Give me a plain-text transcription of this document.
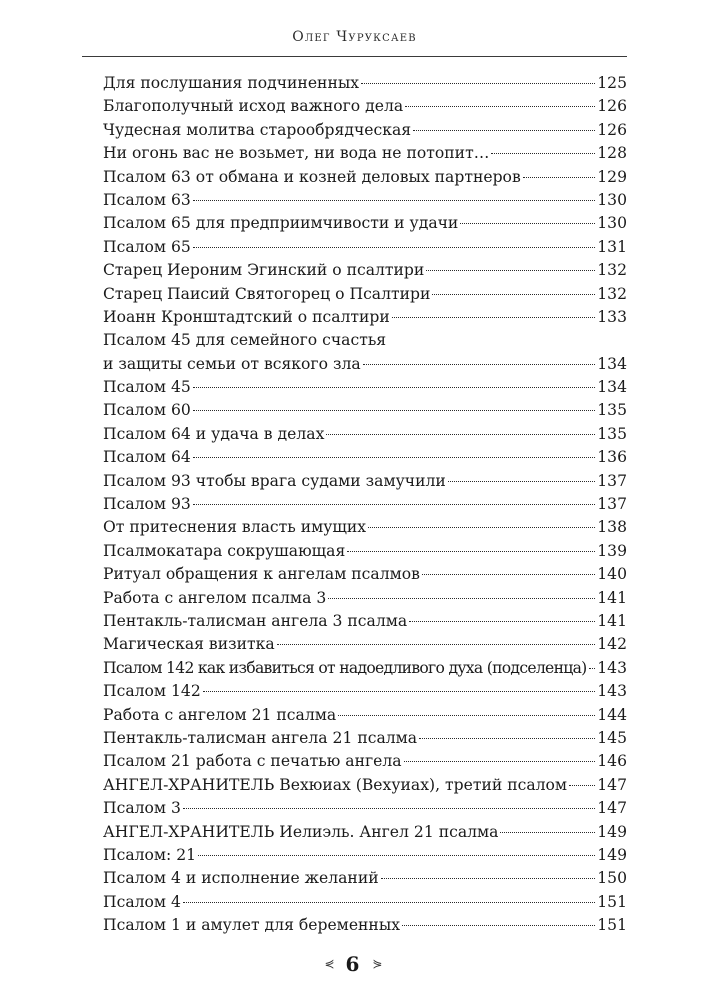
Олег Чуруксаев
Для послушания подчиненных	125
Благополучный исход важного дела	126
Чудесная молитва старообрядческая	126
Ни огонь вас не возьмет, ни вода не потопит…	128
Псалом 63 от обмана и козней деловых партнеров	129
Псалом 63	130
Псалом 65 для предприимчивости и удачи	130
Псалом 65	131
Старец Иероним Эгинский о псалтири	132
Старец Паисий Святогорец о Псалтири	132
Иоанн Кронштадтский о псалтири	133
Псалом 45 для семейного счастья
и защиты семьи от всякого зла	134
Псалом 45	134
Псалом 60	135
Псалом 64 и удача в делах	135
Псалом 64	136
Псалом 93 чтобы врага судами замучили	137
Псалом 93	137
От притеснения власть имущих	138
Псалмокатара сокрушающая	139
Ритуал обращения к ангелам псалмов	140
Работа с ангелом псалма 3	141
Пентакль-талисман ангела 3 псалма	141
Магическая визитка	142
Псалом 142 как избавиться от надоедливого духа (подселенца) 143
Псалом 142	143
Работа с ангелом 21 псалма	144
Пентакль-талисман ангела 21 псалма	145
Псалом 21 работа с печатью ангела	146
АНГЕЛ-ХРАНИТЕЛЬ Вехюиах (Вехуиах), третий псалом 147
Псалом 3	147
АНГЕЛ-ХРАНИТЕЛЬ Иелиэль. Ангел 21 псалма	149
Псалом: 21	149
Псалом 4 и исполнение желаний	150
Псалом 4	151
Псалом 1 и амулет для беременных	151
⋞ 6 ⋟
